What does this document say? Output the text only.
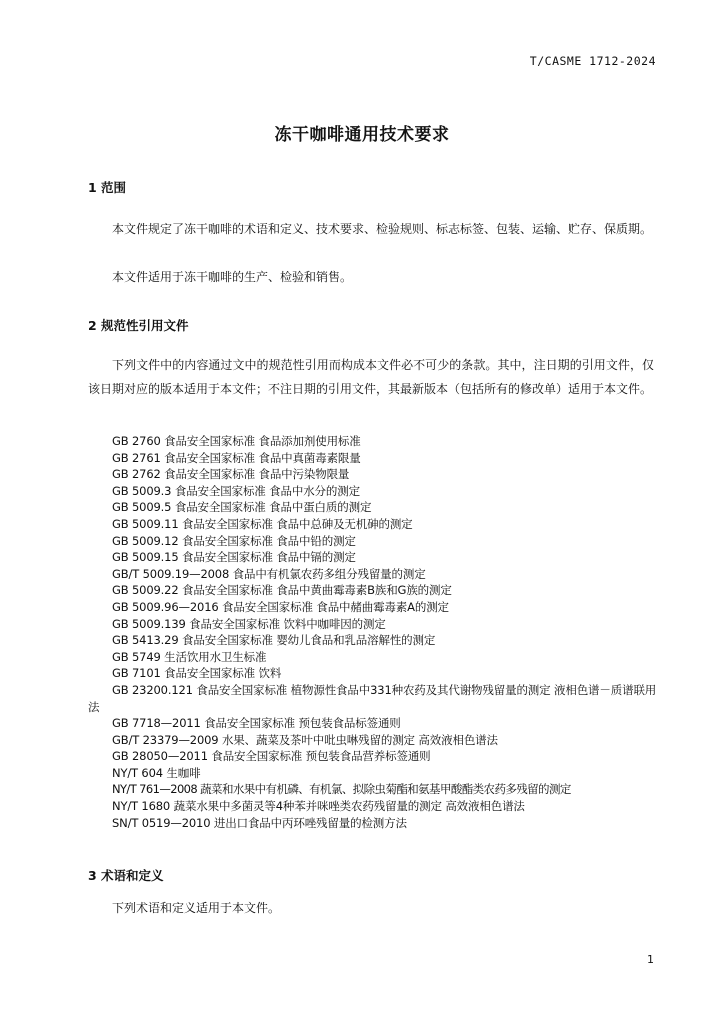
T/CASME 1712-2024
冻干咖啡通用技术要求
1 范围
本文件规定了冻干咖啡的术语和定义、技术要求、检验规则、标志标签、包装、运输、贮存、保质期。
本文件适用于冻干咖啡的生产、检验和销售。
2 规范性引用文件
下列文件中的内容通过文中的规范性引用而构成本文件必不可少的条款。其中，注日期的引用文件，仅该日期对应的版本适用于本文件；不注日期的引用文件，其最新版本（包括所有的修改单）适用于本文件。
GB 2760 食品安全国家标准 食品添加剂使用标准
GB 2761 食品安全国家标准 食品中真菌毒素限量
GB 2762 食品安全国家标准 食品中污染物限量
GB 5009.3 食品安全国家标准 食品中水分的测定
GB 5009.5 食品安全国家标准 食品中蛋白质的测定
GB 5009.11 食品安全国家标准 食品中总砷及无机砷的测定
GB 5009.12 食品安全国家标准 食品中铅的测定
GB 5009.15 食品安全国家标准 食品中镉的测定
GB/T 5009.19—2008 食品中有机氯农药多组分残留量的测定
GB 5009.22 食品安全国家标准 食品中黄曲霉毒素B族和G族的测定
GB 5009.96—2016 食品安全国家标准 食品中赭曲霉毒素A的测定
GB 5009.139 食品安全国家标准 饮料中咖啡因的测定
GB 5413.29 食品安全国家标准 婴幼儿食品和乳品溶解性的测定
GB 5749 生活饮用水卫生标准
GB 7101 食品安全国家标准 饮料
GB 23200.121 食品安全国家标准 植物源性食品中331种农药及其代谢物残留量的测定 液相色谱－质谱联用法
GB 7718—2011 食品安全国家标准 预包装食品标签通则
GB/T 23379—2009 水果、蔬菜及茶叶中吡虫啉残留的测定 高效液相色谱法
GB 28050—2011 食品安全国家标准 预包装食品营养标签通则
NY/T 604 生咖啡
NY/T 761—2008 蔬菜和水果中有机磷、有机氯、拟除虫菊酯和氨基甲酸酯类农药多残留的测定
NY/T 1680 蔬菜水果中多菌灵等4种苯并咪唑类农药残留量的测定 高效液相色谱法
SN/T 0519—2010 进出口食品中丙环唑残留量的检测方法
3 术语和定义
下列术语和定义适用于本文件。
1
